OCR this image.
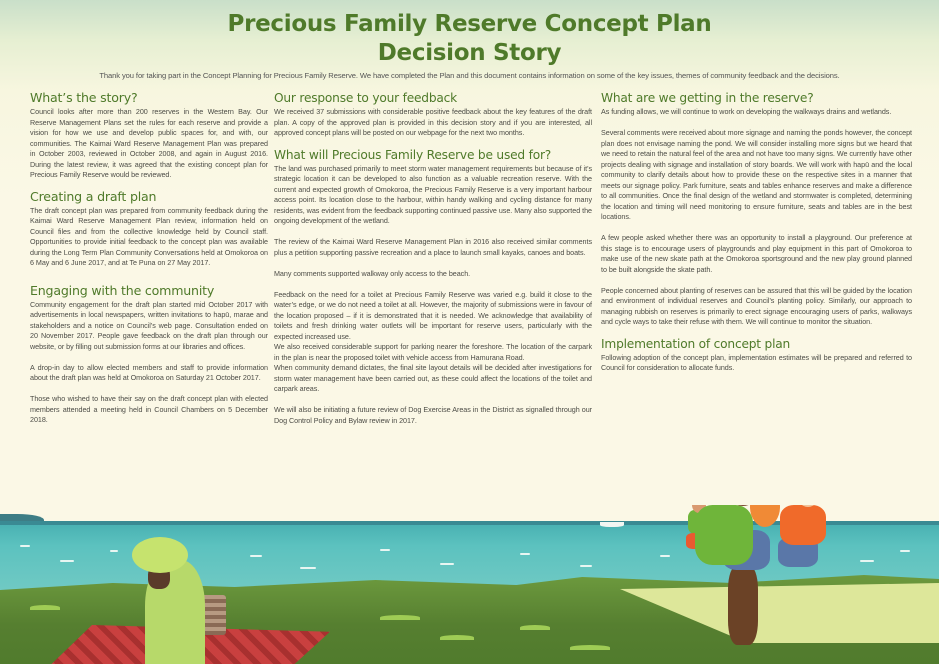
Precious Family Reserve Concept Plan
Decision Story
Thank you for taking part in the Concept Planning for Precious Family Reserve. We have completed the Plan and this document contains information on some of the key issues, themes of community feedback and the decisions.
What’s the story?

Council looks after more than 200 reserves in the Western Bay. Our Reserve Management Plans set the rules for each reserve and provide a vision for how we use and develop public spaces for, and with, our communities. The Kaimai Ward Reserve Management Plan was prepared in October 2003, reviewed in October 2008, and again in August 2016. During the latest review, it was agreed that the existing concept plan for Precious Family Reserve would be reviewed.

Creating a draft plan

The draft concept plan was prepared from community feedback during the Kaimai Ward Reserve Management Plan review, information held on Council files and from the collective knowledge held by Council staff. Opportunities to provide initial feedback to the concept plan was available during the Long Term Plan Community Conversations held at Omokoroa on 6 May and 6 June 2017, and at Te Puna on 27 May 2017.

Engaging with the community

Community engagement for the draft plan started mid October 2017 with advertisements in local newspapers, written invitations to hapū, marae and stakeholders and a notice on Council’s web page. Consultation ended on 20 November 2017. People gave feedback on the draft plan through our website, or by filling out submission forms at our libraries and offices.

A drop-in day to allow elected members and staff to provide information about the draft plan was held at Omokoroa on Saturday 21 October 2017.

Those who wished to have their say on the draft concept plan with elected members attended a meeting held in Council Chambers on 5 December 2018.

Our response to your feedback

We received 37 submissions with considerable positive feedback about the key features of the draft plan. A copy of the approved plan is provided in this decision story and if you are interested, all approved concept plans will be posted on our webpage for the next two months.

What will Precious Family Reserve be used for?

The land was purchased primarily to meet storm water management requirements but because of it’s strategic location it can be developed to also function as a valuable recreation reserve. With the current and expected growth of Omokoroa, the Precious Family Reserve is a very important harbour access point. Its location close to the harbour, within handy walking and cycling distance for many residents, was evident from the feedback supporting continued passive use. Many also supported the ongoing development of the wetland.

The review of the Kaimai Ward Reserve Management Plan in 2016 also received similar comments plus a petition supporting passive recreation and a place to launch small kayaks, canoes and boats.

Many comments supported walkway only access to the beach.

Feedback on the need for a toilet at Precious Family Reserve was varied e.g. build it close to the water’s edge, or we do not need a toilet at all. However, the majority of submissions were in favour of the location proposed – if it is demonstrated that it is needed. We acknowledge that availability of toilets and fresh drinking water outlets will be important for reserve users, particularly with the expected increased use.

We also received considerable support for parking nearer the foreshore. The location of the carpark in the plan is near the proposed toilet with vehicle access from Hamurana Road.

When community demand dictates, the final site layout details will be decided after investigations for storm water management have been carried out, as these could affect the locations of the toilet and carpark areas.

We will also be initiating a future review of Dog Exercise Areas in the District as signalled through our Dog Control Policy and Bylaw review in 2017.

What are we getting in the reserve?

As funding allows, we will continue to work on developing the walkways drains and wetlands.

Several comments were received about more signage and naming the ponds however, the concept plan does not envisage naming the pond. We will consider installing more signs but we heard that we need to retain the natural feel of the area and not have too many signs. We currently have other projects dealing with signage and installation of story boards. We will work with hapū and the local community to clarify details about how to provide these on the respective sites in a manner that meets our signage policy. Park furniture, seats and tables enhance reserves and make a difference to all communities. Once the final design of the wetland and stormwater is completed, determining the location and timing will need monitoring to ensure furniture, seats and tables are in the best locations.

A few people asked whether there was an opportunity to install a playground. Our preference at this stage is to encourage users of playgrounds and play equipment in this part of Omokoroa to make use of the new skate path at the Omokoroa sportsground and the new play ground planned to be built alongside the skate path.

People concerned about planting of reserves can be assured that this will be guided by the location and environment of individual reserves and Council’s planting policy. Similarly, our approach to managing rubbish on reserves is primarily to erect signage encouraging users of parks, walkways and cycle ways to take their refuse with them. We will continue to monitor the situation.

Implementation of concept plan

Following adoption of the concept plan, implementation estimates will be prepared and referred to Council for consideration to allocate funds.
